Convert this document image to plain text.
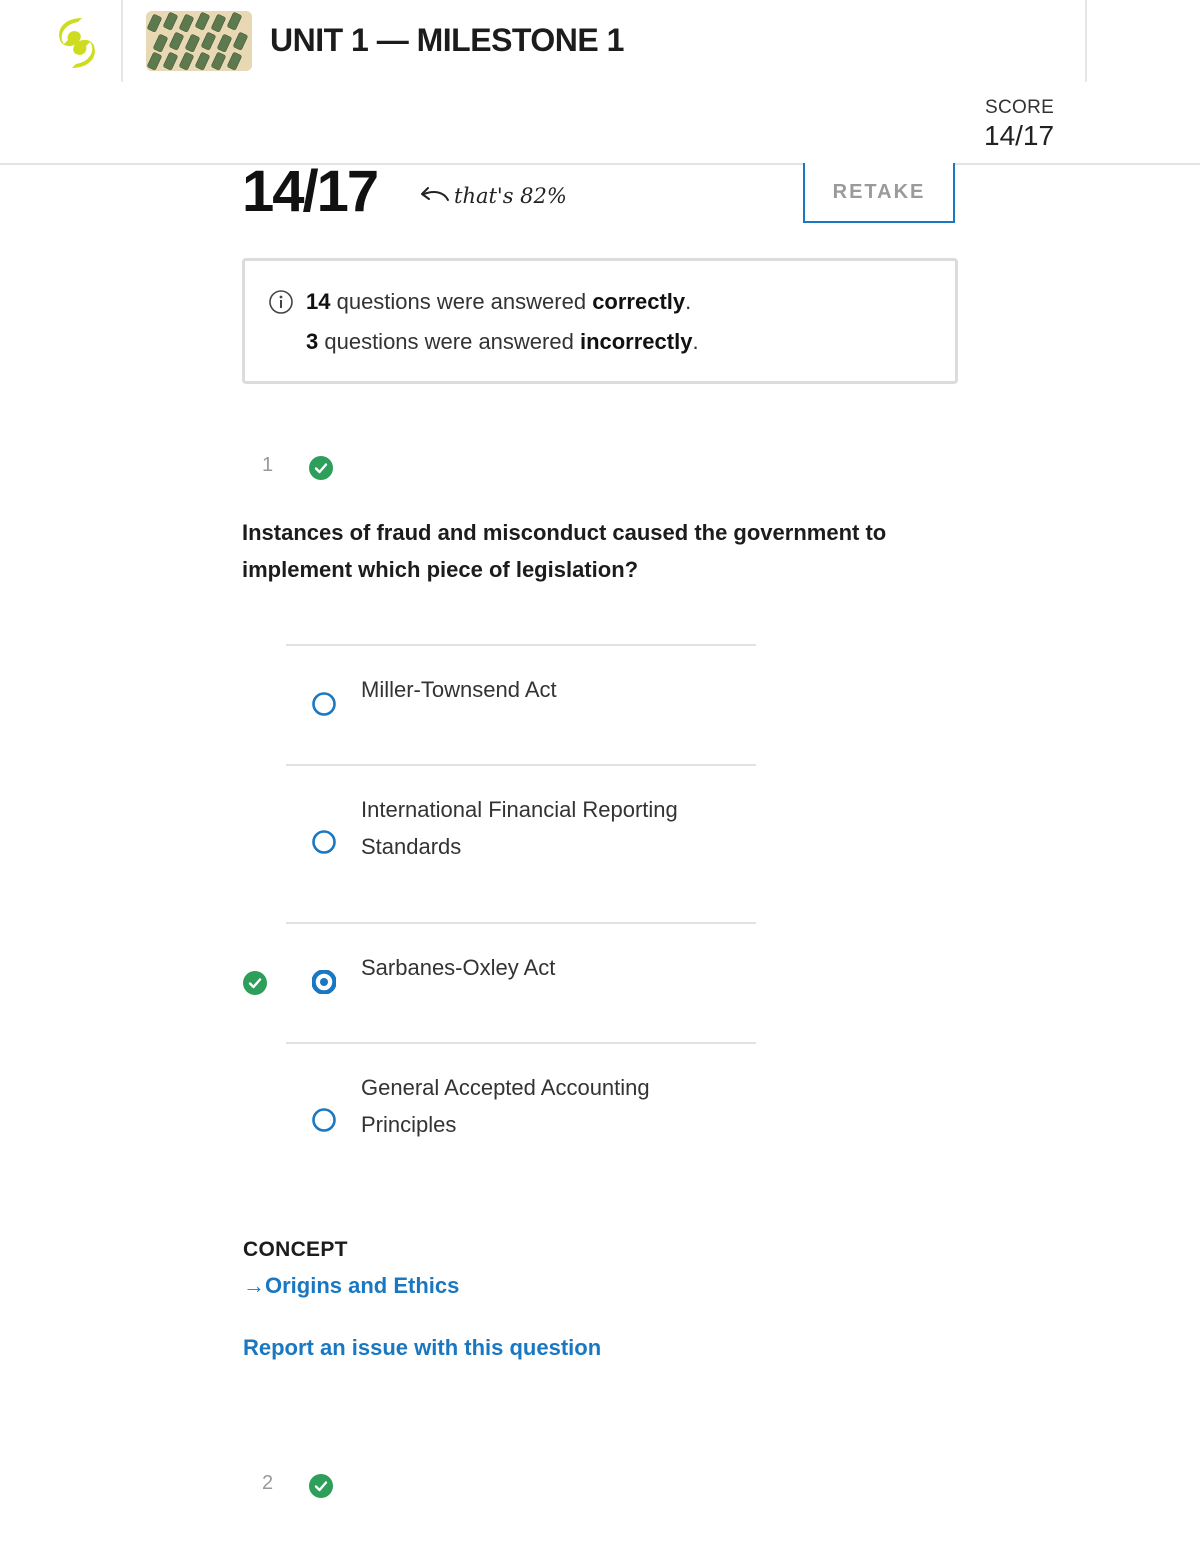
UNIT 1 — MILESTONE 1
SCORE
14/17
14/17	that's 82%	RETAKE
14 questions were answered correctly.
3 questions were answered incorrectly.
1
Instances of fraud and misconduct caused the government to implement which piece of legislation?
Miller-Townsend Act
International Financial Reporting Standards
Sarbanes-Oxley Act
General Accepted Accounting Principles
CONCEPT
→Origins and Ethics
Report an issue with this question
2
